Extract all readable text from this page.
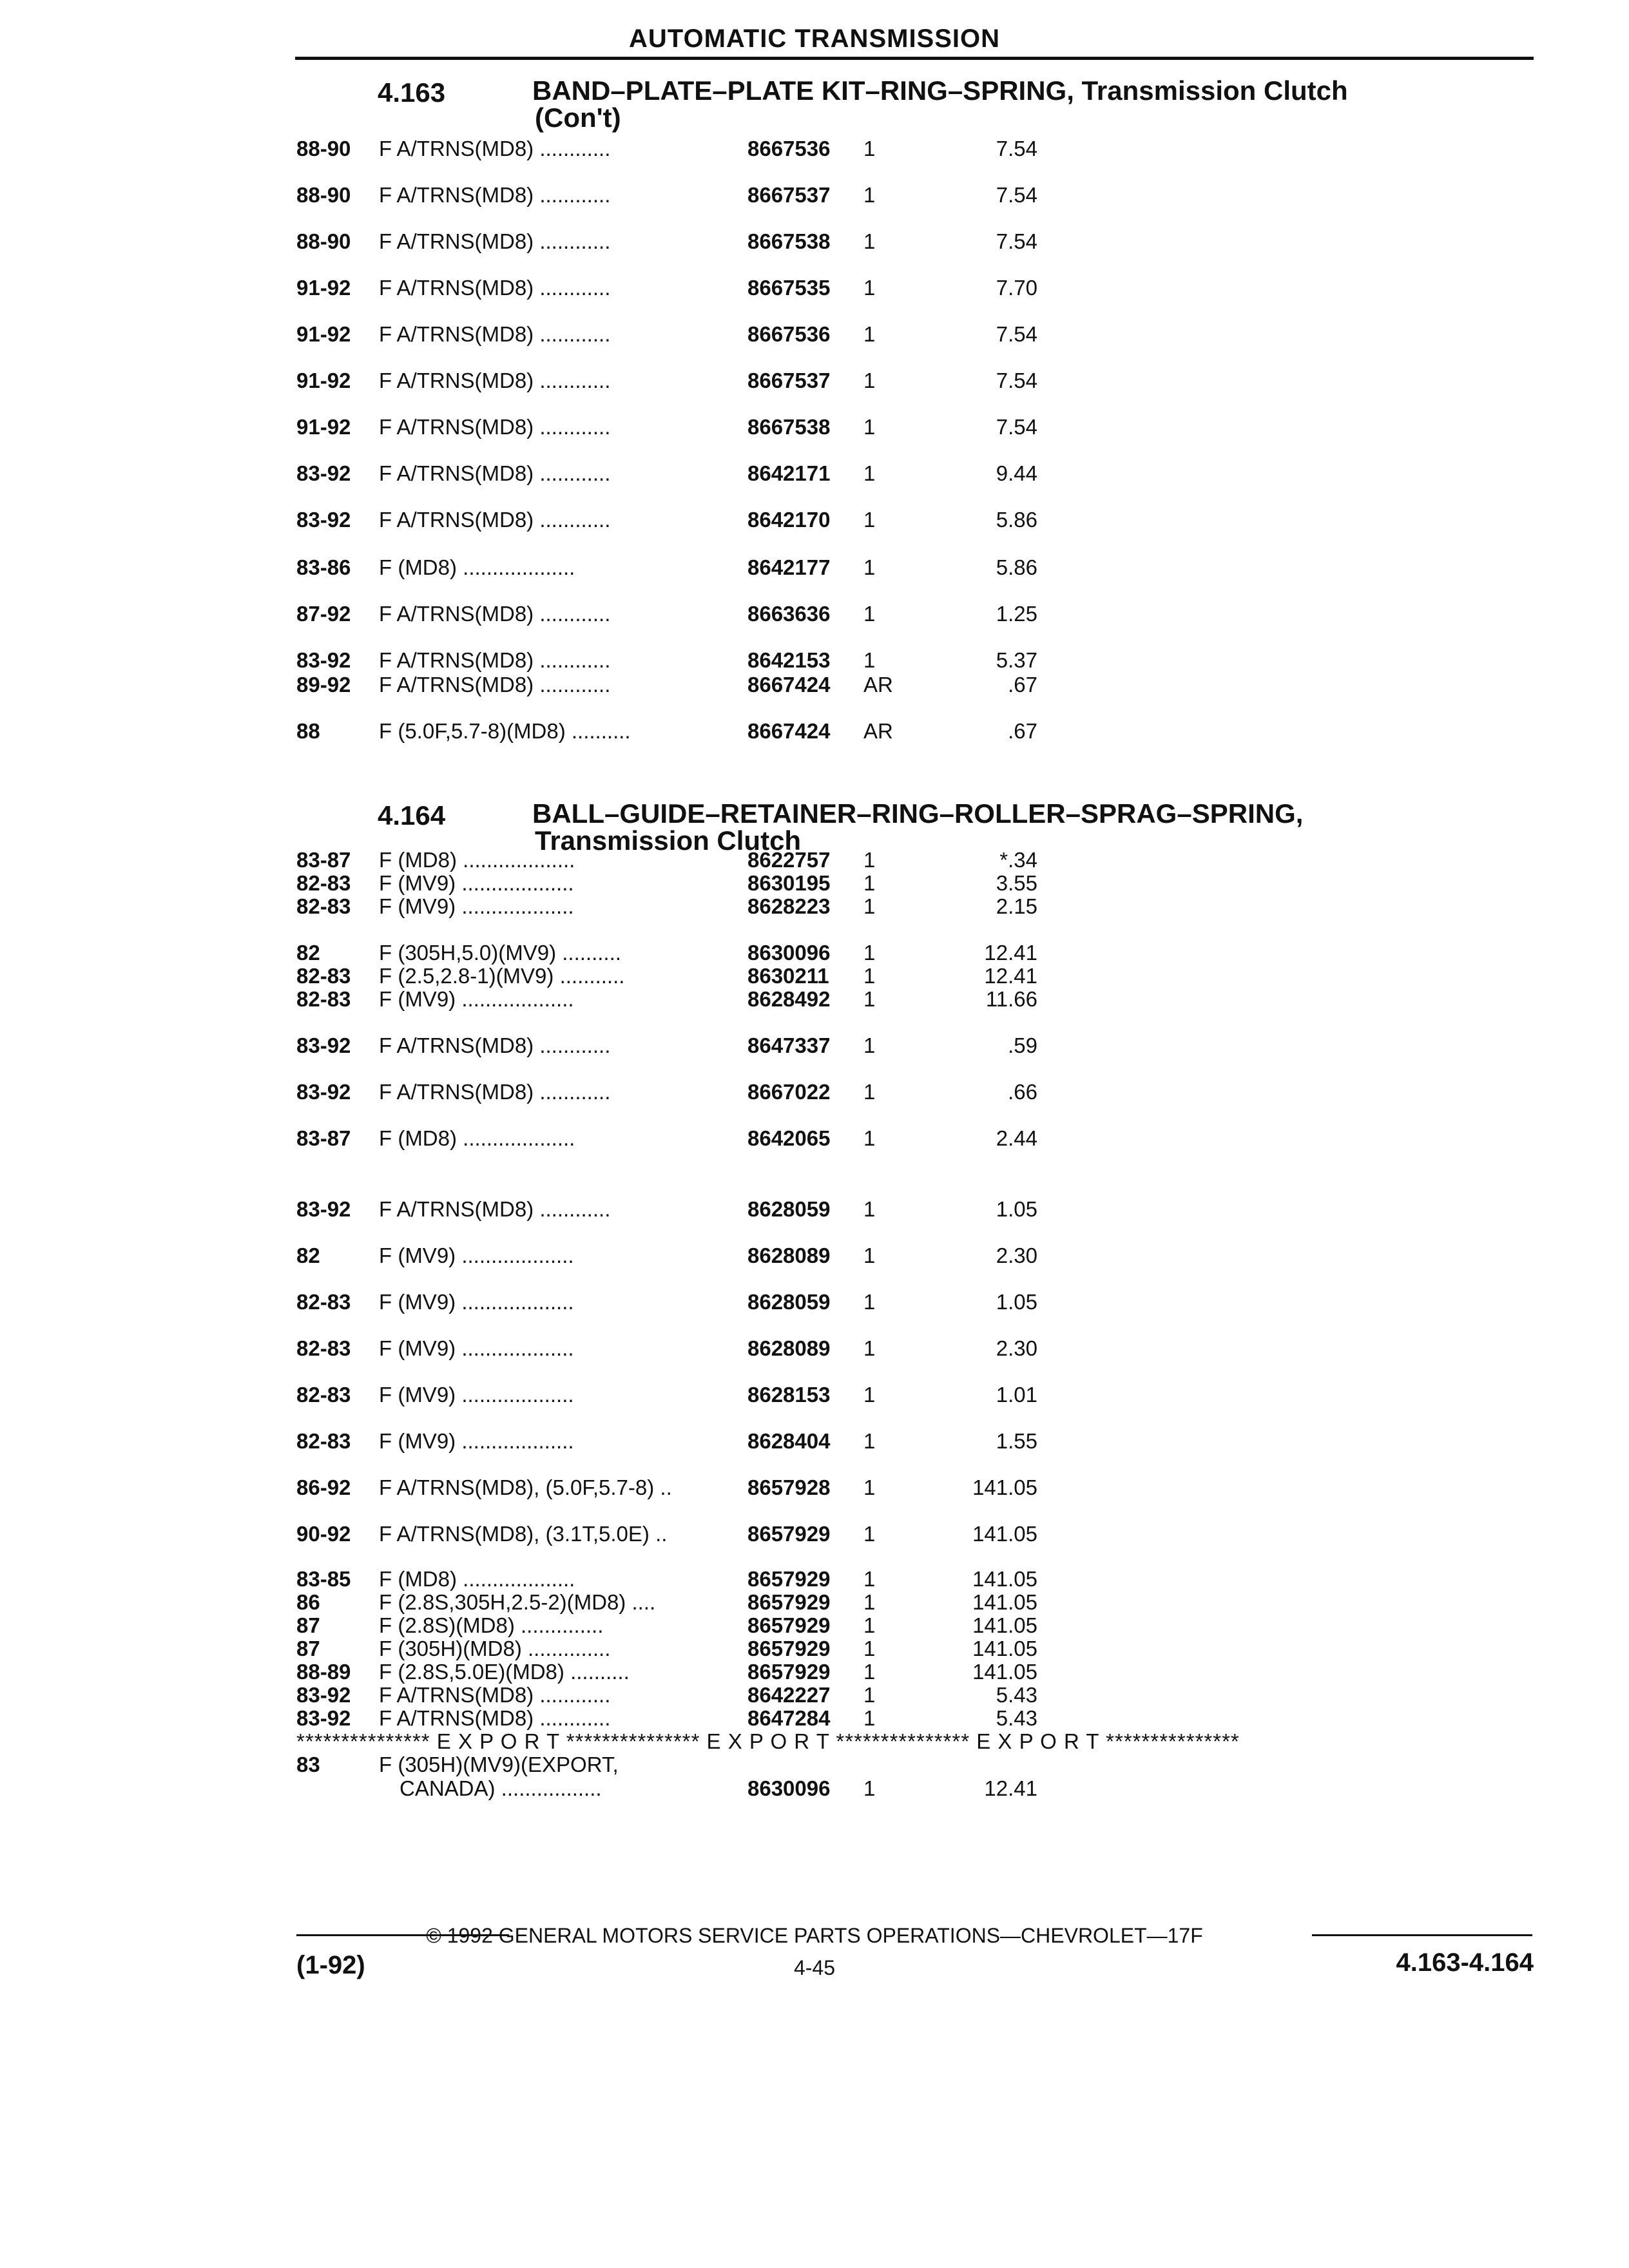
AUTOMATIC TRANSMISSION
4.163	BAND–PLATE–PLATE KIT–RING–SPRING, Transmission Clutch
(Con't)
88-90 F A/TRNS(MD8) ............	8667536 1	7.54
88-90 F A/TRNS(MD8) ............	8667537 1	7.54
88-90 F A/TRNS(MD8) ............	8667538 1	7.54
91-92 F A/TRNS(MD8) ............	8667535 1	7.70
91-92 F A/TRNS(MD8) ............	8667536 1	7.54
91-92 F A/TRNS(MD8) ............	8667537 1	7.54
91-92 F A/TRNS(MD8) ............	8667538 1	7.54
83-92 F A/TRNS(MD8) ............	8642171 1	9.44
83-92 F A/TRNS(MD8) ............	8642170 1	5.86
83-86 F (MD8) ...................	8642177 1	5.86
87-92 F A/TRNS(MD8) ............	8663636 1	1.25
83-92 F A/TRNS(MD8) ............	8642153 1	5.37
89-92 F A/TRNS(MD8) ............	8667424 AR	.67
88	F (5.0F,5.7-8)(MD8) ..........	8667424 AR	.67
4.164	BALL–GUIDE–RETAINER–RING–ROLLER–SPRAG–SPRING,
Transmission Clutch
83-87 F (MD8) ...................	8622757 1	*.34
82-83 F (MV9) ...................	8630195 1	3.55
82-83 F (MV9) ...................	8628223 1	2.15
82	F (305H,5.0)(MV9) ..........	8630096 1	12.41
82-83 F (2.5,2.8-1)(MV9) ...........	8630211 1	12.41
82-83 F (MV9) ...................	8628492 1	11.66
83-92 F A/TRNS(MD8) ............	8647337 1	.59
83-92 F A/TRNS(MD8) ............	8667022 1	.66
83-87 F (MD8) ...................	8642065 1	2.44
83-92 F A/TRNS(MD8) ............	8628059 1	1.05
82	F (MV9) ...................	8628089 1	2.30
82-83 F (MV9) ...................	8628059 1	1.05
82-83 F (MV9) ...................	8628089 1	2.30
82-83 F (MV9) ...................	8628153 1	1.01
82-83 F (MV9) ...................	8628404 1	1.55
86-92 F A/TRNS(MD8), (5.0F,5.7-8) ..	8657928 1	141.05
90-92 F A/TRNS(MD8), (3.1T,5.0E) ..	8657929 1	141.05
83-85 F (MD8) ...................	8657929 1	141.05
86	F (2.8S,305H,2.5-2)(MD8) ....	8657929 1	141.05
87	F (2.8S)(MD8) ..............	8657929 1	141.05
87	F (305H)(MD8) ..............	8657929 1	141.05
88-89 F (2.8S,5.0E)(MD8) ..........	8657929 1	141.05
83-92 F A/TRNS(MD8) ............	8642227 1	5.43
83-92 F A/TRNS(MD8) ............	8647284 1	5.43
*************** E X P O R T *************** E X P O R T *************** E X P O R T ***************
83	F (305H)(MV9)(EXPORT,
CANADA) .................	8630096 1	12.41
© 1992 GENERAL MOTORS SERVICE PARTS OPERATIONS—CHEVROLET—17F
(1-92)	4-45	4.163-4.164
